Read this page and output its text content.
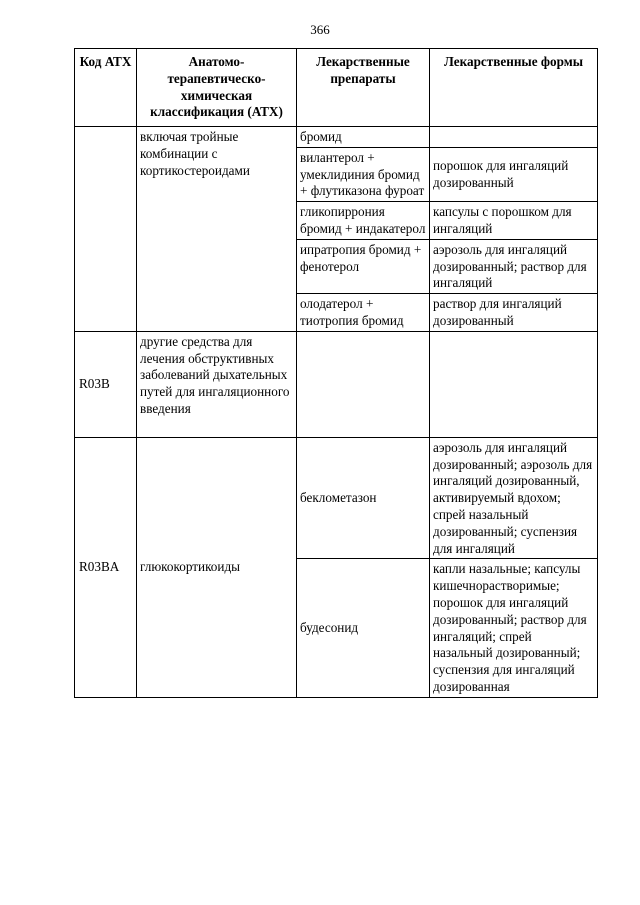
366
Код АТХ	Анатомо-терапевтическо-химическая классификация (АТХ)	Лекарственные препараты	Лекарственные формы
	включая тройные комбинации с кортикостероидами	бромид	
		вилантерол + умеклидиния бромид + флутиказона фуроат	порошок для ингаляций дозированный
		гликопиррония бромид + индакатерол	капсулы с порошком для ингаляций
		ипратропия бромид + фенотерол	аэрозоль для ингаляций дозированный; раствор для ингаляций
		олодатерол + тиотропия бромид	раствор для ингаляций дозированный
R03B	другие средства для лечения обструктивных заболеваний дыхательных путей для ингаляционного введения		
R03BA	глюкокортикоиды	беклометазон	аэрозоль для ингаляций дозированный; аэрозоль для ингаляций дозированный, активируемый вдохом; спрей назальный дозированный; суспензия для ингаляций
		будесонид	капли назальные; капсулы кишечнорастворимые; порошок для ингаляций дозированный; раствор для ингаляций; спрей назальный дозированный; суспензия для ингаляций дозированная
